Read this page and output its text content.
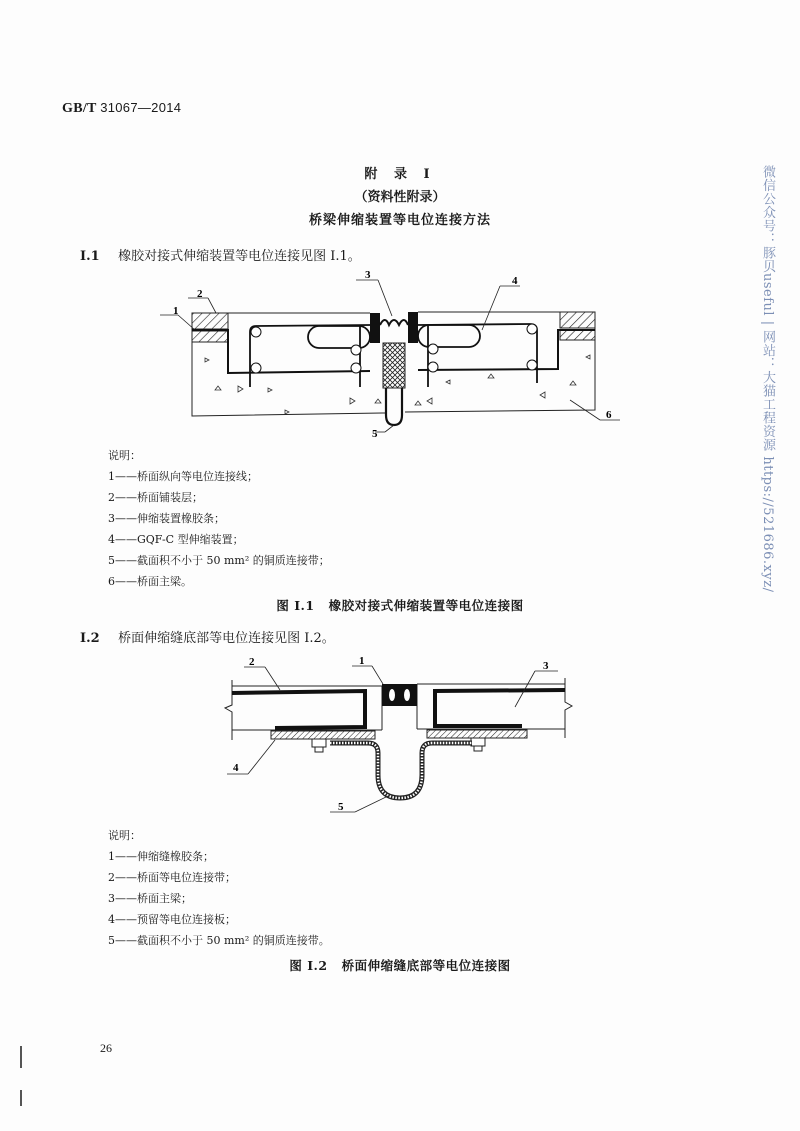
GB/T 31067—2014
附 录 I
（资料性附录）
桥梁伸缩装置等电位连接方法
I.1 橡胶对接式伸缩装置等电位连接见图 I.1。
1
2
3	4
5
6
说明：
1——桥面纵向等电位连接线；
2——桥面铺装层；
3——伸缩装置橡胶条；
4——GQF-C 型伸缩装置；
5——截面积不小于 50 mm² 的铜质连接带；
6——桥面主梁。
图 I.1 橡胶对接式伸缩装置等电位连接图
I.2 桥面伸缩缝底部等电位连接见图 I.2。
2	1	3
4
5
说明：
1——伸缩缝橡胶条；
2——桥面等电位连接带；
3——桥面主梁；
4——预留等电位连接板；
5——截面积不小于 50 mm² 的铜质连接带。
图 I.2 桥面伸缩缝底部等电位连接图
26
微信公众号：豚贝useful | 网站：大猫工程资源 https://521686.xyz/
